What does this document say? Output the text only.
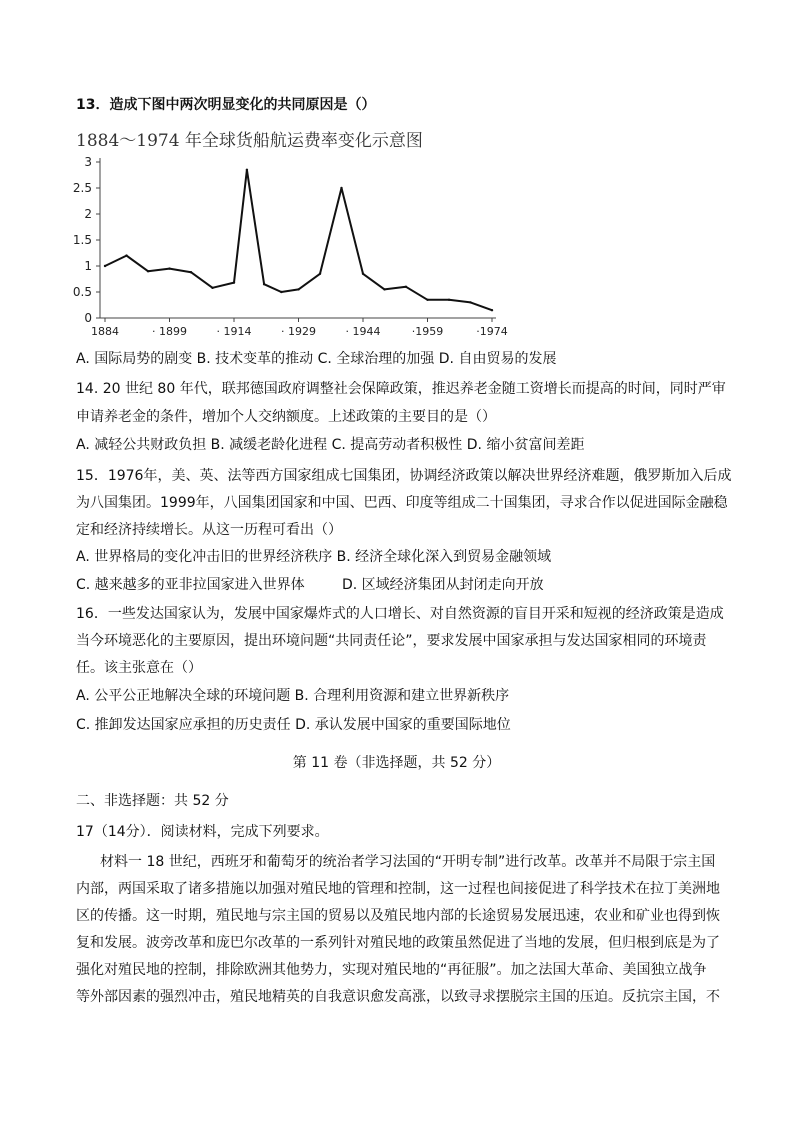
13．造成下图中两次明显变化的共同原因是（）
1884～1974 年全球货船航运费率变化示意图
0
0.5
1
1.5
2
2.5
3
1884	· 1899	· 1914	· 1929	· 1944	·1959	·1974
A. 国际局势的剧变 B. 技术变革的推动 C. 全球治理的加强 D. 自由贸易的发展
14. 20 世纪 80 年代，联邦德国政府调整社会保障政策，推迟养老金随工资增长而提高的时间，同时严审
申请养老金的条件，增加个人交纳额度。上述政策的主要目的是（）
A. 减轻公共财政负担 B. 减缓老龄化进程 C. 提高劳动者积极性 D. 缩小贫富间差距
15．1976年，美、英、法等西方国家组成七国集团，协调经济政策以解决世界经济难题，俄罗斯加入后成
为八国集团。1999年，八国集团国家和中国、巴西、印度等组成二十国集团，寻求合作以促进国际金融稳
定和经济持续增长。从这一历程可看出（）
A. 世界格局的变化冲击旧的世界经济秩序 B. 经济全球化深入到贸易金融领域
C. 越来越多的亚非拉国家进入世界体	D. 区域经济集团从封闭走向开放
16．一些发达国家认为，发展中国家爆炸式的人口增长、对自然资源的盲目开采和短视的经济政策是造成
当今环境恶化的主要原因，提出环境问题“共同责任论”，要求发展中国家承担与发达国家相同的环境责
任。该主张意在（）
A. 公平公正地解决全球的环境问题 B. 合理利用资源和建立世界新秩序
C. 推卸发达国家应承担的历史责任 D. 承认发展中国家的重要国际地位
第 11 卷（非选择题，共 52 分）
二、非选择题：共 52 分
17（14分）．阅读材料，完成下列要求。
材料一 18 世纪，西班牙和葡萄牙的统治者学习法国的“开明专制”进行改革。改革并不局限于宗主国
内部，两国采取了诸多措施以加强对殖民地的管理和控制，这一过程也间接促进了科学技术在拉丁美洲地
区的传播。这一时期，殖民地与宗主国的贸易以及殖民地内部的长途贸易发展迅速，农业和矿业也得到恢
复和发展。波旁改革和庞巴尔改革的一系列针对殖民地的政策虽然促进了当地的发展，但归根到底是为了
强化对殖民地的控制，排除欧洲其他势力，实现对殖民地的“再征服”。加之法国大革命、美国独立战争
等外部因素的强烈冲击，殖民地精英的自我意识愈发高涨，以致寻求摆脱宗主国的压迫。反抗宗主国，不
